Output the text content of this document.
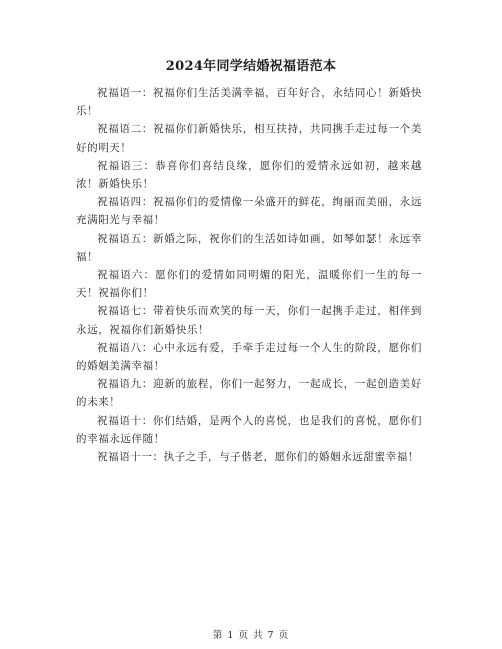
2024年同学结婚祝福语范本

祝福语一：祝福你们生活美满幸福，百年好合，永结同心！新婚快乐！

祝福语二：祝福你们新婚快乐，相互扶持，共同携手走过每一个美好的明天！

祝福语三：恭喜你们喜结良缘，愿你们的爱情永远如初，越来越浓！新婚快乐！

祝福语四：祝福你们的爱情像一朵盛开的鲜花，绚丽而美丽，永远充满阳光与幸福！

祝福语五：新婚之际，祝你们的生活如诗如画，如琴如瑟！永远幸福！

祝福语六：愿你们的爱情如同明媚的阳光，温暖你们一生的每一天！祝福你们！

祝福语七：带着快乐而欢笑的每一天，你们一起携手走过，相伴到永远，祝福你们新婚快乐！

祝福语八：心中永远有爱，手牵手走过每一个人生的阶段，愿你们的婚姻美满幸福！

祝福语九：迎新的旅程，你们一起努力，一起成长，一起创造美好的未来！

祝福语十：你们结婚，是两个人的喜悦，也是我们的喜悦，愿你们的幸福永远伴随！

祝福语十一：执子之手，与子偕老，愿你们的婚姻永远甜蜜幸福！

第 1 页 共 7 页
